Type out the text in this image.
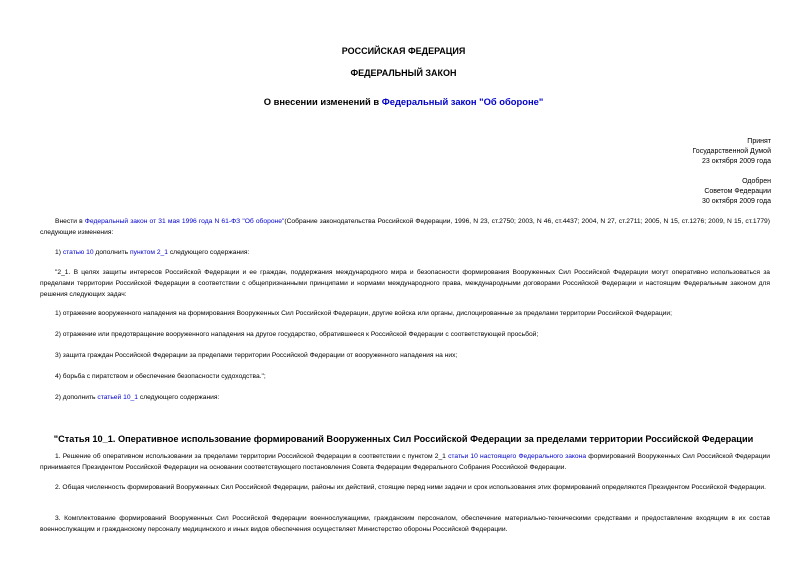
РОССИЙСКАЯ ФЕДЕРАЦИЯ
ФЕДЕРАЛЬНЫЙ ЗАКОН
О внесении изменений в Федеральный закон "Об обороне"
Принят
Государственной Думой
23 октября 2009 года
Одобрен
Советом Федерации
30 октября 2009 года
Внести в Федеральный закон от 31 мая 1996 года N 61-ФЗ "Об обороне"(Собрание законодательства Российской Федерации, 1996, N 23, ст.2750; 2003, N 46, ст.4437; 2004, N 27, ст.2711; 2005, N 15, ст.1276; 2009, N 15, ст.1779) следующие изменения:
1) статью 10 дополнить пунктом 2_1 следующего содержания:
"2_1. В целях защиты интересов Российской Федерации и ее граждан, поддержания международного мира и безопасности формирования Вооруженных Сил Российской Федерации могут оперативно использоваться за пределами территории Российской Федерации в соответствии с общепризнанными принципами и нормами международного права, международными договорами Российской Федерации и настоящим Федеральным законом для решения следующих задач:
1) отражение вооруженного нападения на формирования Вооруженных Сил Российской Федерации, другие войска или органы, дислоцированные за пределами территории Российской Федерации;
2) отражение или предотвращение вооруженного нападения на другое государство, обратившееся к Российской Федерации с соответствующей просьбой;
3) защита граждан Российской Федерации за пределами территории Российской Федерации от вооруженного нападения на них;
4) борьба с пиратством и обеспечение безопасности судоходства.";
2) дополнить статьей 10_1 следующего содержания:
"Статья 10_1. Оперативное использование формирований Вооруженных Сил Российской Федерации за пределами территории Российской Федерации
1. Решение об оперативном использовании за пределами территории Российской Федерации в соответствии с пунктом 2_1 статьи 10 настоящего Федерального закона формирований Вооруженных Сил Российской Федерации принимается Президентом Российской Федерации на основании соответствующего постановления Совета Федерации Федерального Собрания Российской Федерации.
2. Общая численность формирований Вооруженных Сил Российской Федерации, районы их действий, стоящие перед ними задачи и срок использования этих формирований определяются Президентом Российской Федерации.
3. Комплектование формирований Вооруженных Сил Российской Федерации военнослужащими, гражданским персоналом, обеспечение материально-техническими средствами и предоставление входящим в их состав военнослужащим и гражданскому персоналу медицинского и иных видов обеспечения осуществляет Министерство обороны Российской Федерации.
